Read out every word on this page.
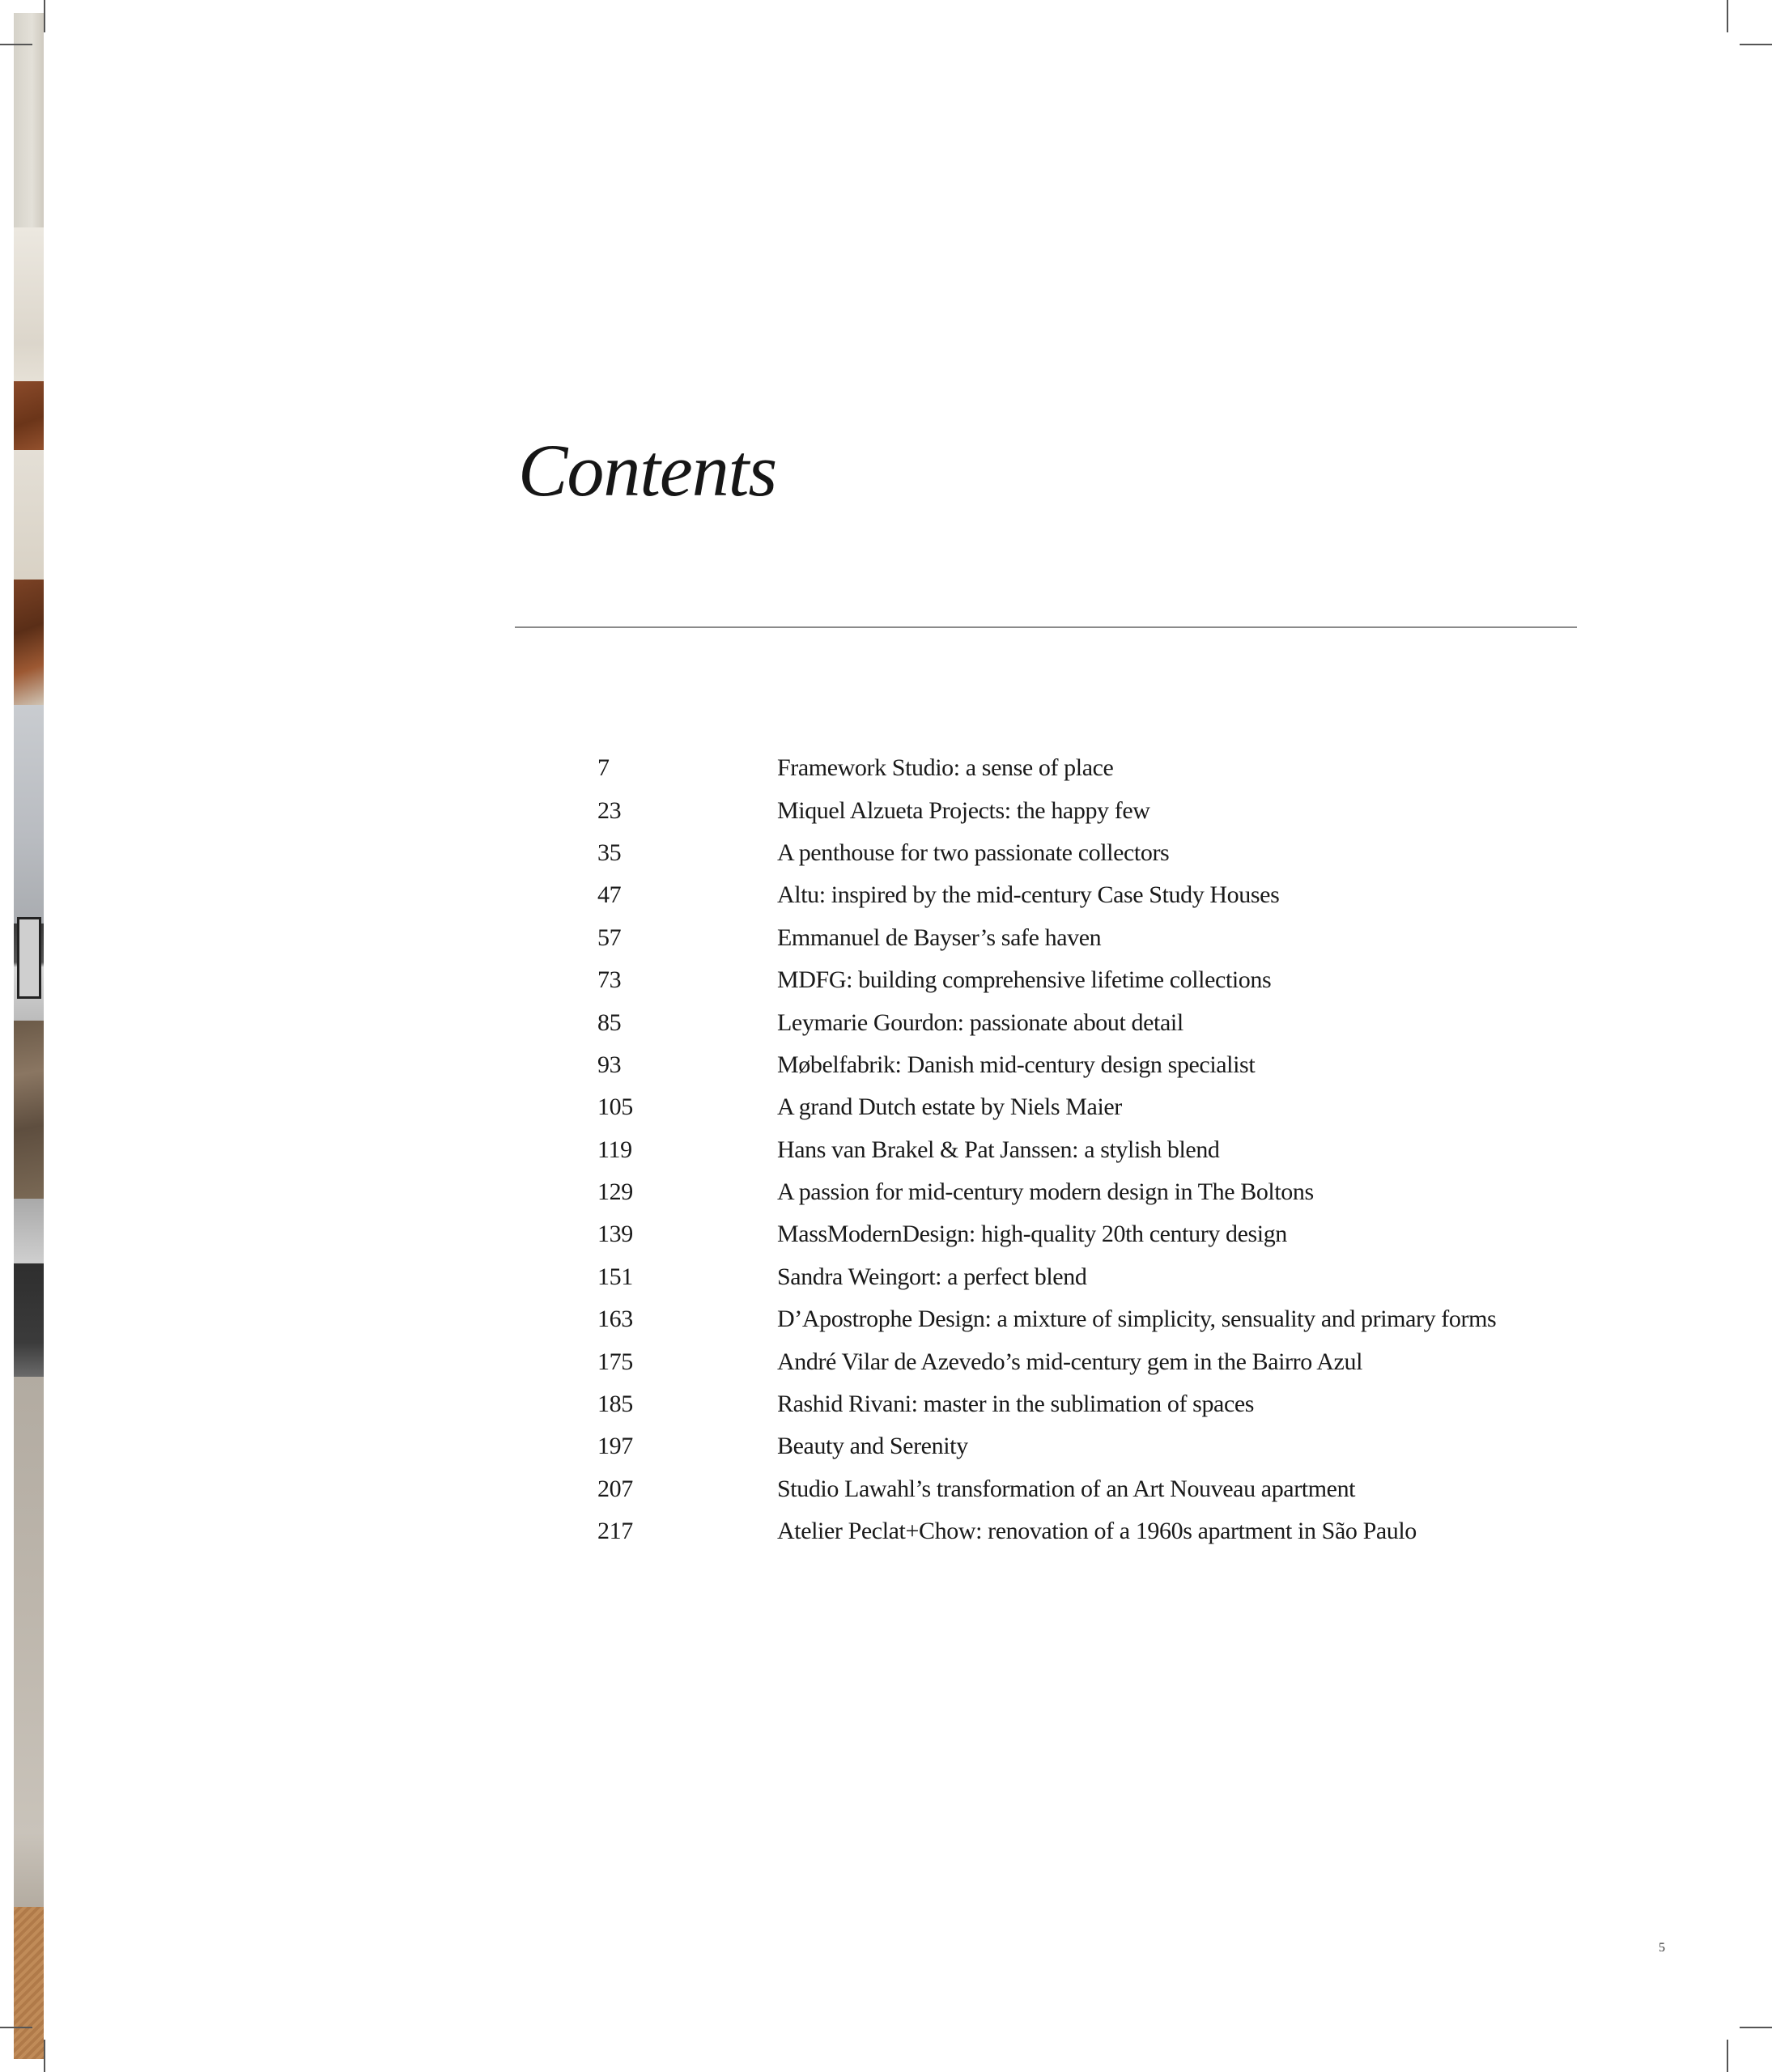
Contents
7	Framework Studio: a sense of place
23	Miquel Alzueta Projects: the happy few
35	A penthouse for two passionate collectors
47	Altu: inspired by the mid-century Case Study Houses
57	Emmanuel de Bayser’s safe haven
73	MDFG: building comprehensive lifetime collections
85	Leymarie Gourdon: passionate about detail
93	Møbelfabrik: Danish mid-century design specialist
105	A grand Dutch estate by Niels Maier
119	Hans van Brakel & Pat Janssen: a stylish blend
129	A passion for mid-century modern design in The Boltons
139	MassModernDesign: high-quality 20th century design
151	Sandra Weingort: a perfect blend
163	D’Apostrophe Design: a mixture of simplicity, sensuality and primary forms
175	André Vilar de Azevedo’s mid-century gem in the Bairro Azul
185	Rashid Rivani: master in the sublimation of spaces
197	Beauty and Serenity
207	Studio Lawahl’s transformation of an Art Nouveau apartment
217	Atelier Peclat+Chow: renovation of a 1960s apartment in São Paulo
5
